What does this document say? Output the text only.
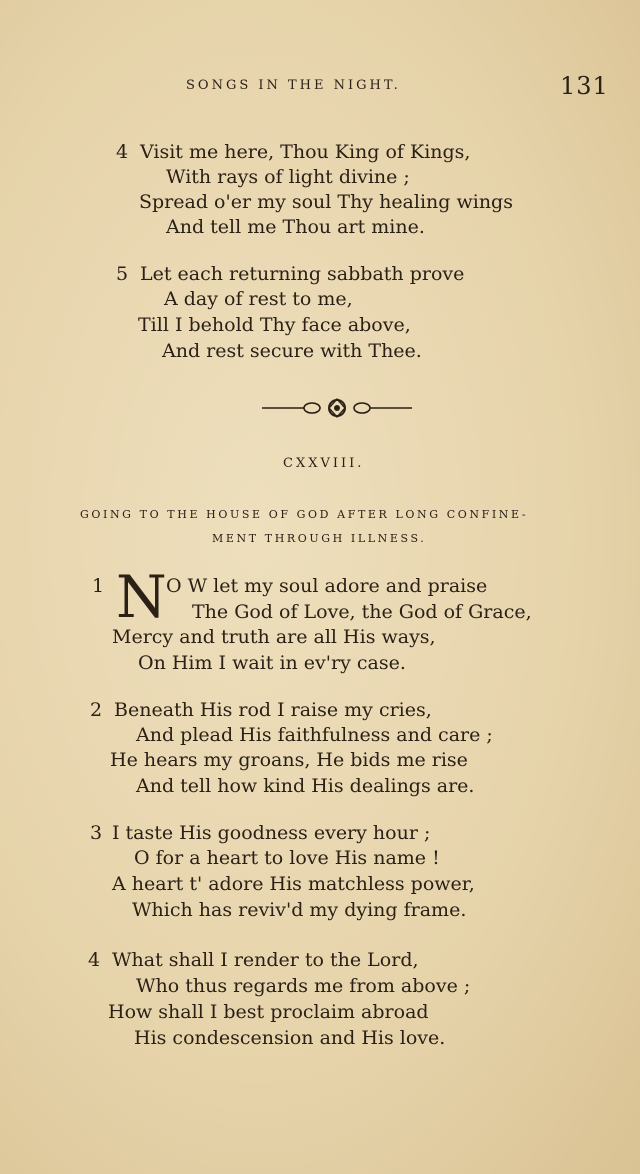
SONGS IN THE NIGHT.	131
4 Visit me here, Thou King of Kings,
With rays of light divine ;
Spread o'er my soul Thy healing wings
And tell me Thou art mine.
5 Let each returning sabbath prove
A day of rest to me,
Till I behold Thy face above,
And rest secure with Thee.
CXXVIII.
GOING TO THE HOUSE OF GOD AFTER LONG CONFINE-
MENT THROUGH ILLNESS.
1 N O W let my soul adore and praise
The God of Love, the God of Grace,
Mercy and truth are all His ways,
On Him I wait in ev'ry case.
2 Beneath His rod I raise my cries,
And plead His faithfulness and care ;
He hears my groans, He bids me rise
And tell how kind His dealings are.
3 I taste His goodness every hour ;
O for a heart to love His name !
A heart t' adore His matchless power,
Which has reviv'd my dying frame.
4 What shall I render to the Lord,
Who thus regards me from above ;
How shall I best proclaim abroad
His condescension and His love.
